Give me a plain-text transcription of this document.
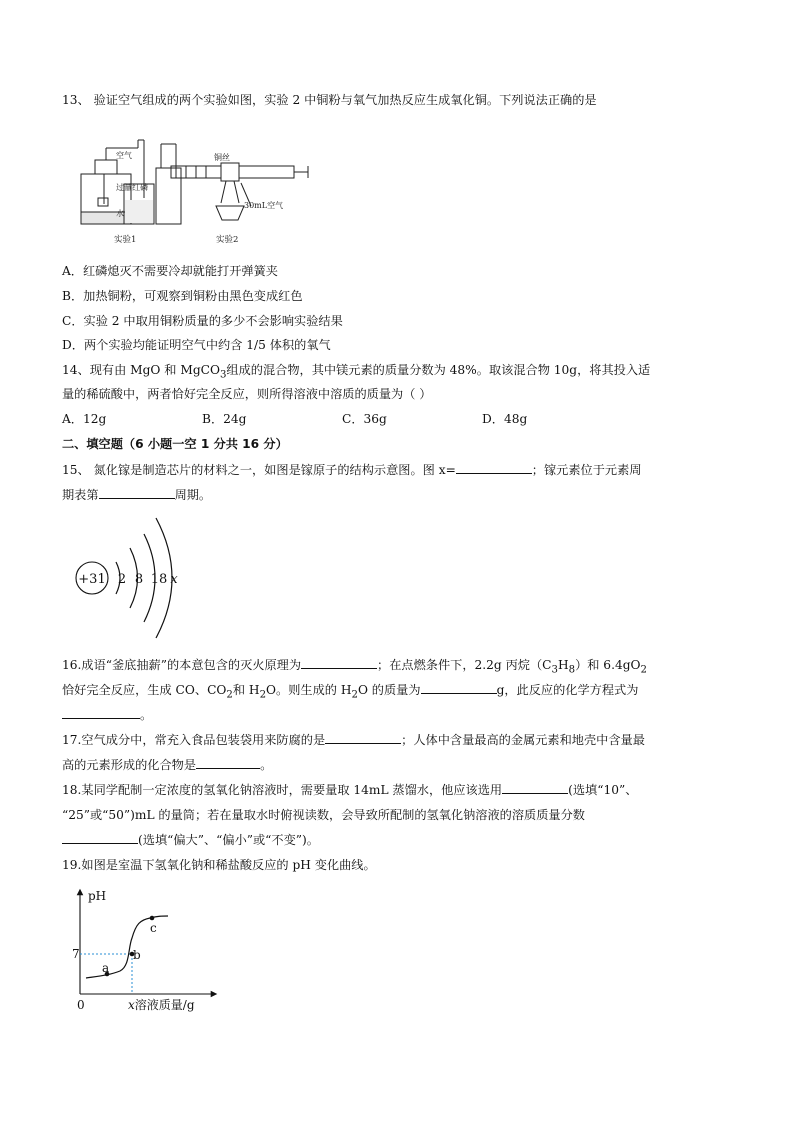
13、 验证空气组成的两个实验如图，实验 2 中铜粉与氧气加热反应生成氧化铜。下列说法正确的是
空气
过量红磷
水
铜丝
30mL空气
实验1	实验2
A．红磷熄灭不需要冷却就能打开弹簧夹
B．加热铜粉，可观察到铜粉由黑色变成红色
C．实验 2 中取用铜粉质量的多少不会影响实验结果
D．两个实验均能证明空气中约含 1/5 体积的氧气
14、现有由 MgO 和 MgCO$_3$组成的混合物，其中镁元素的质量分数为 48%。取该混合物 10g，将其投入适
量的稀硫酸中，两者恰好完全反应，则所得溶液中溶质的质量为（ ）
A．12g	B．24g	C．36g	D．48g
二、填空题（6 小题一空 1 分共 16 分）
15、 氮化镓是制造芯片的材料之一，如图是镓原子的结构示意图。图 x=	；镓元素位于元素周
期表第	周期。
+31 2 8 18 x
16.成语“釜底抽薪”的本意包含的灭火原理为	；在点燃条件下，2.2g 丙烷$(C_3H_8)$和 $6.4gO_2$
恰好完全反应，生成 CO、$CO_2$和 $H_2O$。则生成的 $H_2O$ 的质量为	g，此反应的化学方程式为
。
17.空气成分中，常充入食品包装袋用来防腐的是	；人体中含量最高的金属元素和地壳中含量最
高的元素形成的化合物是	。
18.某同学配制一定浓度的氢氧化钠溶液时，需要量取 14mL 蒸馏水，他应该选用	(选填“10”、
“25”或“50”)mL 的量筒；若在量取水时俯视读数，会导致所配制的氢氧化钠溶液的溶质质量分数
(选填“偏大”、“偏小”或“不变”)。
19.如图是室温下氢氧化钠和稀盐酸反应的 pH 变化曲线。
pH
7
0
a
b
c
x溶液质量/g
